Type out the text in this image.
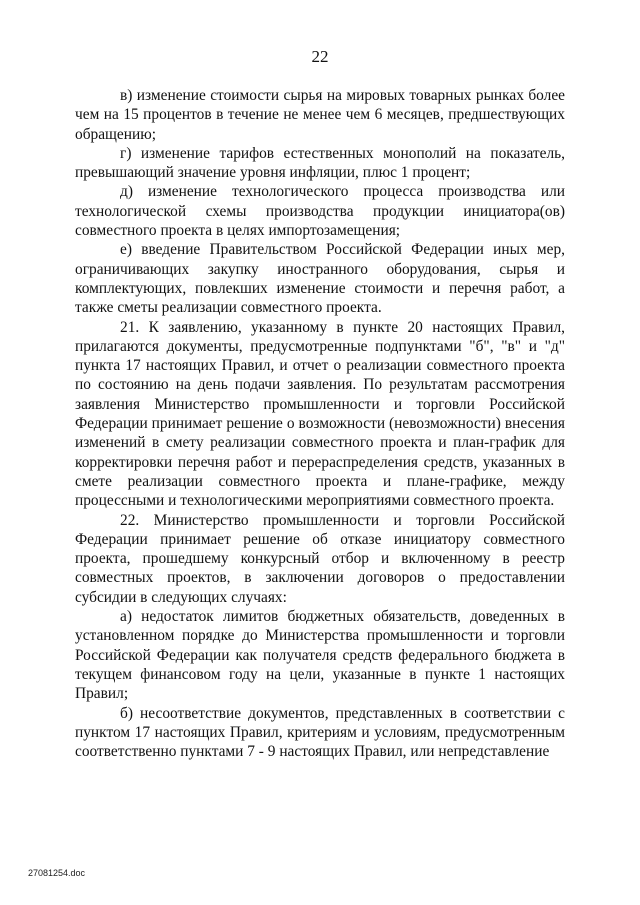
22

в) изменение стоимости сырья на мировых товарных рынках более чем на 15 процентов в течение не менее чем 6 месяцев, предшествующих обращению;

г) изменение тарифов естественных монополий на показатель, превышающий значение уровня инфляции, плюс 1 процент;

д) изменение технологического процесса производства или технологической схемы производства продукции инициатора(ов) совместного проекта в целях импортозамещения;

е) введение Правительством Российской Федерации иных мер, ограничивающих закупку иностранного оборудования, сырья и комплектующих, повлекших изменение стоимости и перечня работ, а также сметы реализации совместного проекта.

21. К заявлению, указанному в пункте 20 настоящих Правил, прилагаются документы, предусмотренные подпунктами "б", "в" и "д" пункта 17 настоящих Правил, и отчет о реализации совместного проекта по состоянию на день подачи заявления. По результатам рассмотрения заявления Министерство промышленности и торговли Российской Федерации принимает решение о возможности (невозможности) внесения изменений в смету реализации совместного проекта и план-график для корректировки перечня работ и перераспределения средств, указанных в смете реализации совместного проекта и плане-графике, между процессными и технологическими мероприятиями совместного проекта.

22. Министерство промышленности и торговли Российской Федерации принимает решение об отказе инициатору совместного проекта, прошедшему конкурсный отбор и включенному в реестр совместных проектов, в заключении договоров о предоставлении субсидии в следующих случаях:

а) недостаток лимитов бюджетных обязательств, доведенных в установленном порядке до Министерства промышленности и торговли Российской Федерации как получателя средств федерального бюджета в текущем финансовом году на цели, указанные в пункте 1 настоящих Правил;

б) несоответствие документов, представленных в соответствии с пунктом 17 настоящих Правил, критериям и условиям, предусмотренным соответственно пунктами 7 - 9 настоящих Правил, или непредставление

27081254.doc
